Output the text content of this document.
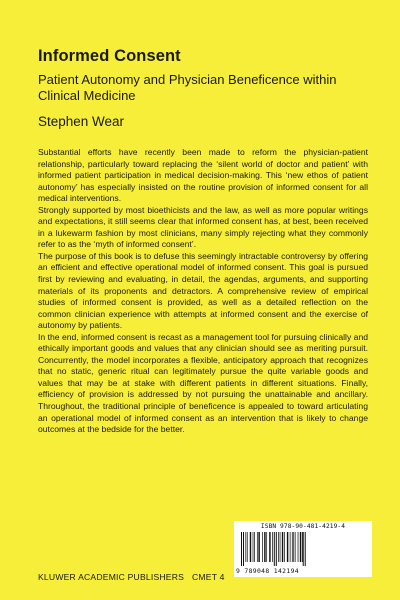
Informed Consent
Patient Autonomy and Physician Beneficence within Clinical Medicine
Stephen Wear

Substantial efforts have recently been made to reform the physician-patient relationship, particularly toward replacing the ‘silent world of doctor and patient’ with informed patient participation in medical decision-making. This ‘new ethos of patient autonomy’ has especially insisted on the routine provision of informed consent for all medical interventions.

Strongly supported by most bioethicists and the law, as well as more popular writings and expectations, it still seems clear that informed consent has, at best, been received in a lukewarm fashion by most clinicians, many simply rejecting what they commonly refer to as the ‘myth of informed consent’.

The purpose of this book is to defuse this seemingly intractable controversy by offering an efficient and effective operational model of informed consent. This goal is pursued first by reviewing and evaluating, in detail, the agendas, arguments, and supporting materials of its proponents and detractors. A comprehensive review of empirical studies of informed consent is provided, as well as a detailed reflection on the common clinician experience with attempts at informed consent and the exercise of autonomy by patients.

In the end, informed consent is recast as a management tool for pursuing clinically and ethically important goods and values that any clinician should see as meriting pursuit. Concurrently, the model incorporates a flexible, anticipatory approach that recognizes that no static, generic ritual can legitimately pursue the quite variable goods and values that may be at stake with different patients in different situations. Finally, efficiency of provision is addressed by not pursuing the unattainable and ancillary. Throughout, the traditional principle of beneficence is appealed to toward articulating an operational model of informed consent as an intervention that is likely to change outcomes at the bedside for the better.

ISBN 978-90-481-4219-4
9 789048 142194
KLUWER ACADEMIC PUBLISHERS CMET 4
